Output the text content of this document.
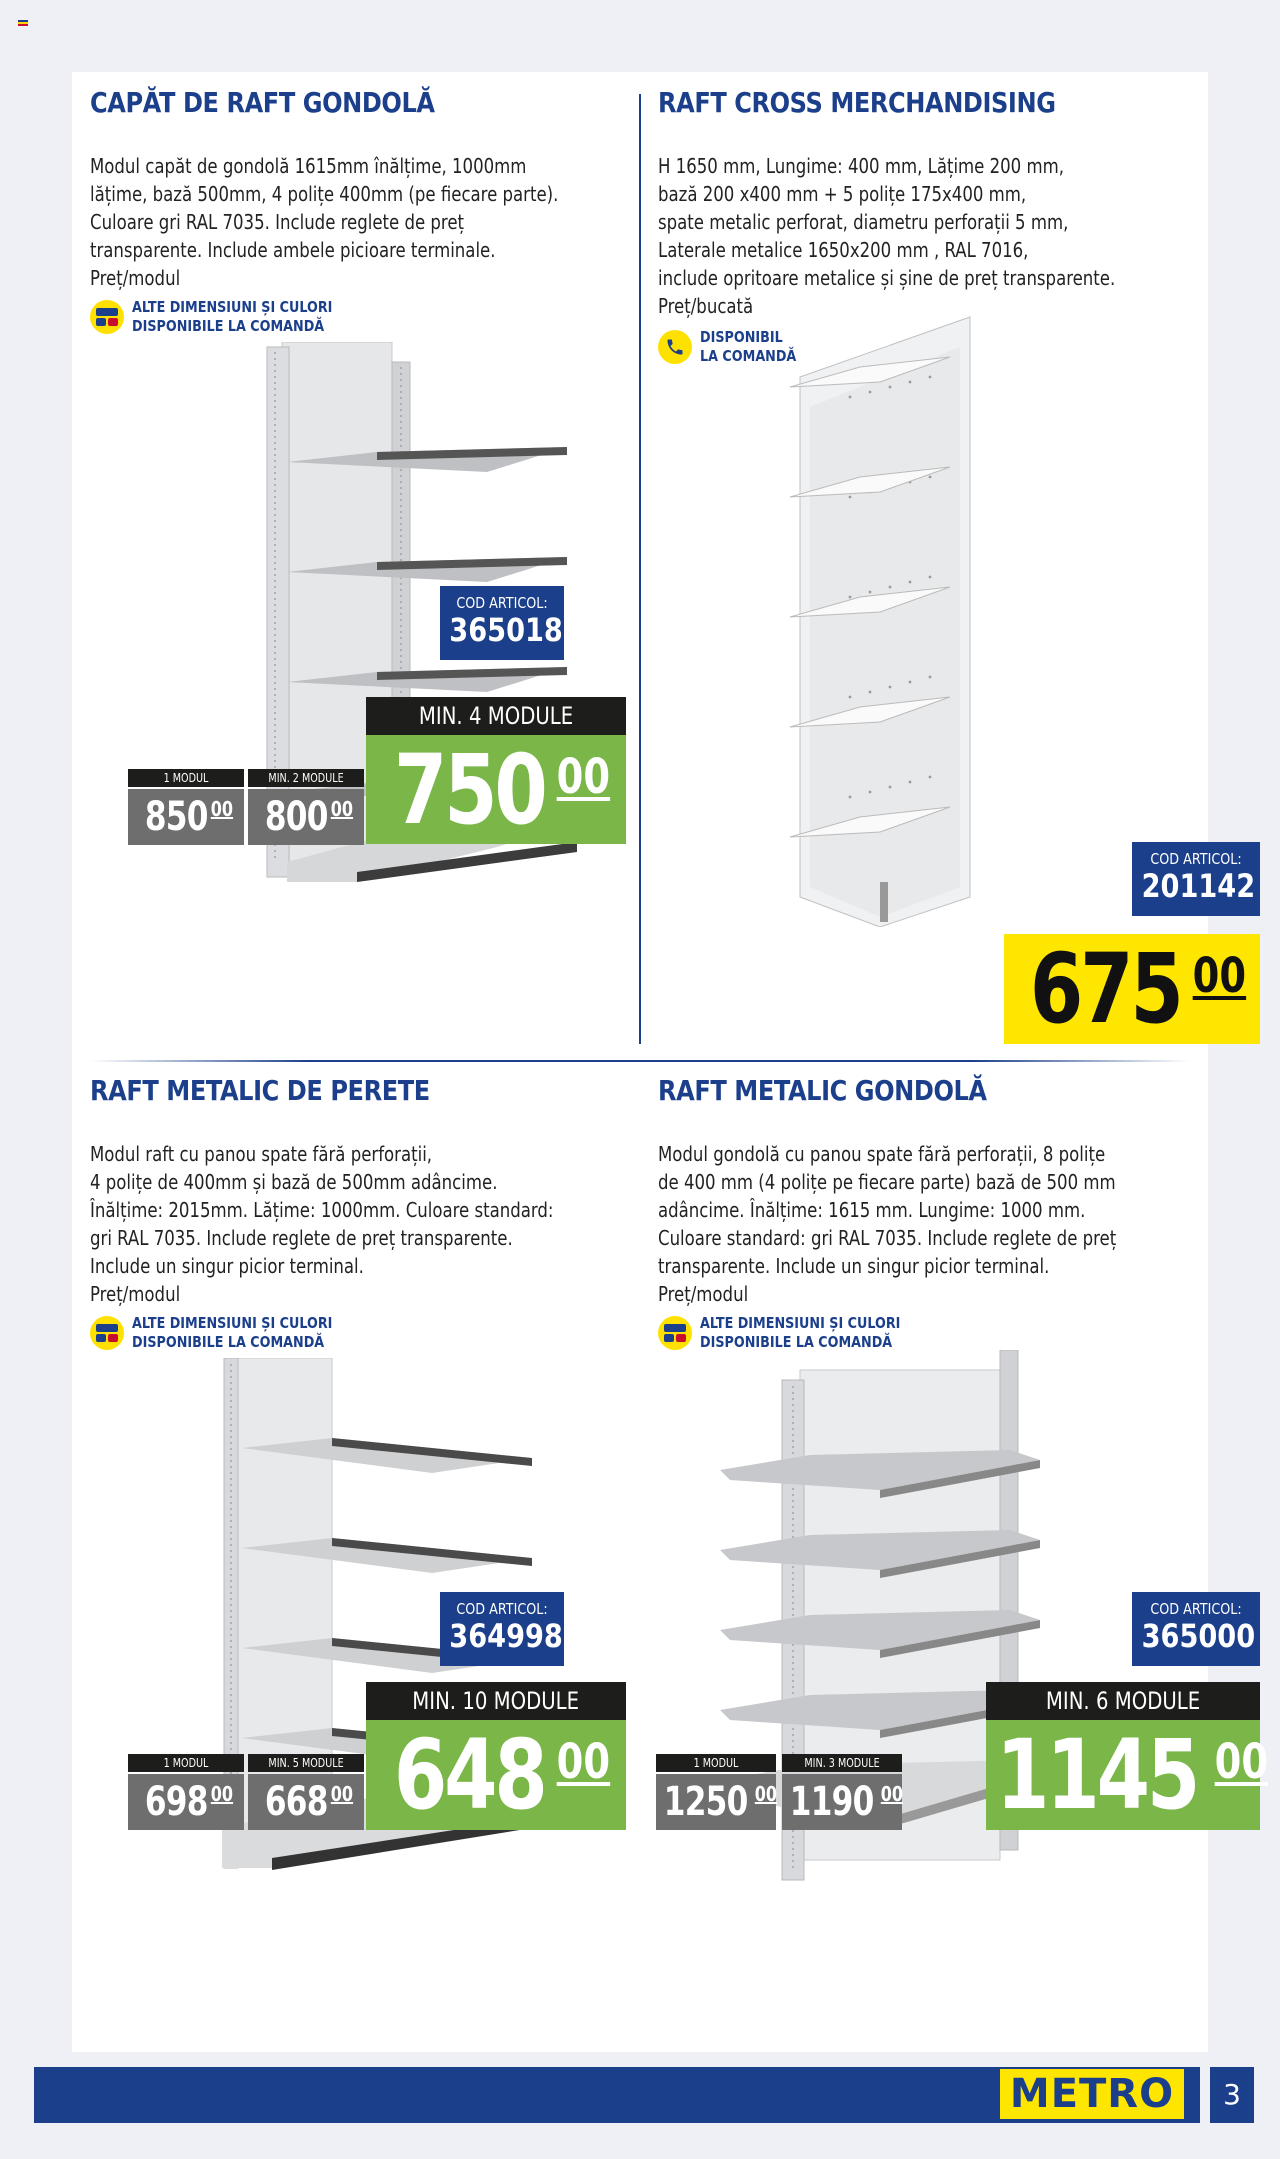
CAPĂT DE RAFT GONDOLĂ
Modul capăt de gondolă 1615mm înălțime, 1000mm
lățime, bază 500mm, 4 polițe 400mm (pe fiecare parte).
Culoare gri RAL 7035. Include reglete de preț
transparente. Include ambele picioare terminale.
Preț/modul
ALTE DIMENSIUNI ȘI CULORI
DISPONIBILE LA COMANDĂ
COD ARTICOL:
365018
MIN. 4 MODULE
750 00
1 MODUL
850 00
MIN. 2 MODULE
800 00
RAFT CROSS MERCHANDISING
H 1650 mm, Lungime: 400 mm, Lățime 200 mm,
bază 200 x400 mm + 5 polițe 175x400 mm,
spate metalic perforat, diametru perforații 5 mm,
Laterale metalice 1650x200 mm , RAL 7016,
include opritoare metalice și șine de preț transparente.
Preț/bucată
DISPONIBIL
LA COMANDĂ
COD ARTICOL:
201142
675 00
RAFT METALIC DE PERETE
Modul raft cu panou spate fără perforații,
4 polițe de 400mm și bază de 500mm adâncime.
Înălțime: 2015mm. Lățime: 1000mm. Culoare standard:
gri RAL 7035. Include reglete de preț transparente.
Include un singur picior terminal.
Preț/modul
ALTE DIMENSIUNI ȘI CULORI
DISPONIBILE LA COMANDĂ
COD ARTICOL:
364998
MIN. 10 MODULE
648 00
1 MODUL
698 00
MIN. 5 MODULE
668 00
RAFT METALIC GONDOLĂ
Modul gondolă cu panou spate fără perforații, 8 polițe
de 400 mm (4 polițe pe fiecare parte) bază de 500 mm
adâncime. Înălțime: 1615 mm. Lungime: 1000 mm.
Culoare standard: gri RAL 7035. Include reglete de preț
transparente. Include un singur picior terminal.
Preț/modul
ALTE DIMENSIUNI ȘI CULORI
DISPONIBILE LA COMANDĂ
COD ARTICOL:
365000
MIN. 6 MODULE
1145 00
1 MODUL
1250 00
MIN. 3 MODULE
1190 00
METRO	3
